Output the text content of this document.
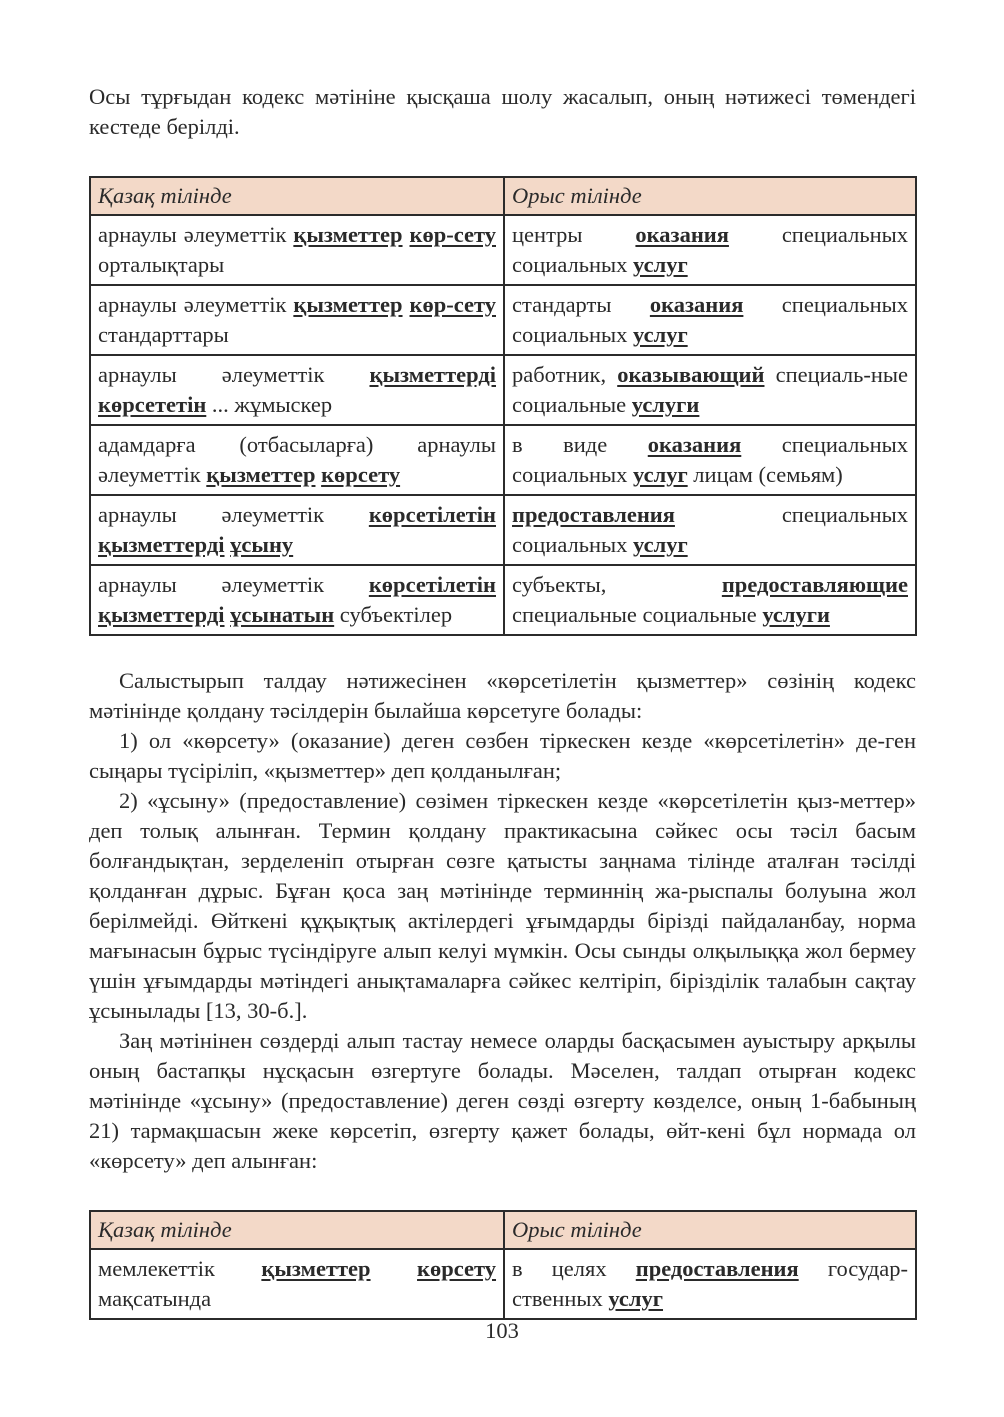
Осы тұрғыдан кодекс мәтініне қысқаша шолу жасалып, оның нәтижесі төмендегі кестеде берілді.

Қазақ тілінде	Орыс тілінде
арнаулы әлеуметтік қызметтер көр-сету орталықтары	центры оказания специальных социальных услуг
арнаулы әлеуметтік қызметтер көр-сету стандарттары	стандарты оказания специальных социальных услуг
арнаулы әлеуметтік қызметтерді көрсететін ... жұмыскер	работник, оказывающий специаль-ные социальные услуги
адамдарға (отбасыларға) арнаулы әлеуметтік қызметтер көрсету	в виде оказания специальных социальных услуг лицам (семьям)
арнаулы әлеуметтік көрсетілетін қызметтерді ұсыну	предоставления специальных социальных услуг
арнаулы әлеуметтік көрсетілетін қызметтерді ұсынатын субъектілер	субъекты, предоставляющие специальные социальные услуги

Салыстырып талдау нәтижесінен «көрсетілетін қызметтер» сөзінің кодекс мәтінінде қолдану тәсілдерін былайша көрсетуге болады:

1) ол «көрсету» (оказание) деген сөзбен тіркескен кезде «көрсетілетін» де-ген сыңары түсіріліп, «қызметтер» деп қолданылған;

2) «ұсыну» (предоставление) сөзімен тіркескен кезде «көрсетілетін қыз-меттер» деп толық алынған. Термин қолдану практикасына сәйкес осы тәсіл басым болғандықтан, зерделеніп отырған сөзге қатысты заңнама тілінде аталған тәсілді қолданған дұрыс. Бұған қоса заң мәтінінде терминнің жа-рыспалы болуына жол берілмейді. Өйткені құқықтық актілердегі ұғымдарды бірізді пайдаланбау, норма мағынасын бұрыс түсіндіруге алып келуі мүмкін. Осы сынды олқылыққа жол бермеу үшін ұғымдарды мәтіндегі анықтамаларға сәйкес келтіріп, бірізділік талабын сақтау ұсынылады [13, 30-б.].

Заң мәтінінен сөздерді алып тастау немесе оларды басқасымен ауыстыру арқылы оның бастапқы нұсқасын өзгертуге болады. Мәселен, талдап отырған кодекс мәтінінде «ұсыну» (предоставление) деген сөзді өзгерту көзделсе, оның 1-бабының 21) тармақшасын жеке көрсетіп, өзгерту қажет болады, өйт-кені бұл нормада ол «көрсету» деп алынған:

Қазақ тілінде	Орыс тілінде
мемлекеттік қызметтер көрсету мақсатында	в целях предоставления государ-ственных услуг
103
